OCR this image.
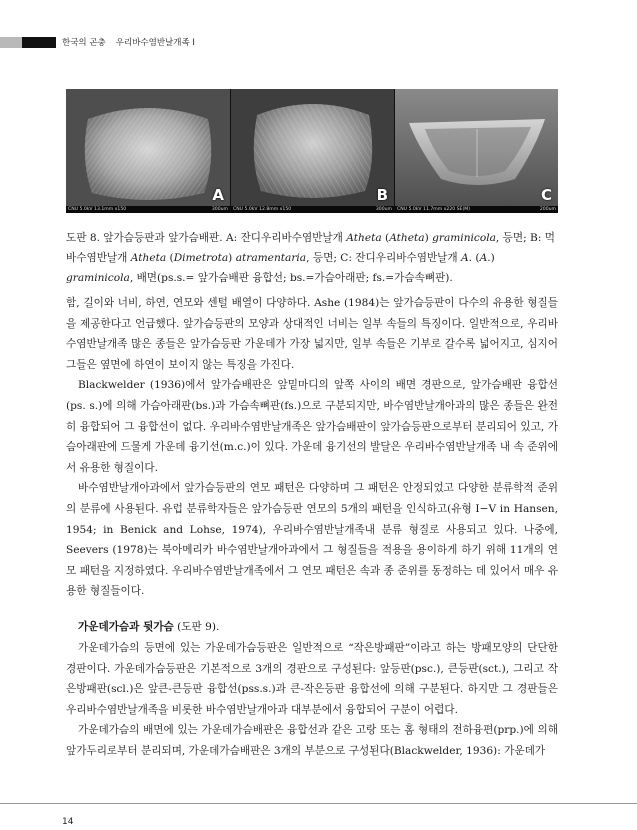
한국의 곤충 우리바수염반날개족 I
A
CNU 5.0kV 13.1mm x150	300um
B
CNU 5.0kV 12.8mm x150	300um
C
CNU 5.0kV 11.7mm x220 SE(M)	200um
도판 8. 앞가슴등판과 앞가슴배판. A: 잔디우리바수염반날개 Atheta (Atheta) graminicola, 등면; B: 먹바수염반날개 Atheta (Dimetrota) atramentaria, 등면; C: 잔디우리바수염반날개 A. (A.) graminicola, 배면(ps.s.= 앞가슴배판 융합선; bs.=가슴아래판; fs.=가슴속뼈판).

함, 길이와 너비, 하연, 연모와 센털 배열이 다양하다. Ashe (1984)는 앞가슴등판이 다수의 유용한 형질들을 제공한다고 언급했다. 앞가슴등판의 모양과 상대적인 너비는 일부 속들의 특징이다. 일반적으로, 우리바수염반날개족 많은 종들은 앞가슴등판 가운데가 가장 넓지만, 일부 속들은 기부로 갈수록 넓어지고, 심지어 그들은 옆면에 하연이 보이지 않는 특징을 가진다.

Blackwelder (1936)에서 앞가슴배판은 앞밑마디의 앞쪽 사이의 배면 경판으로, 앞가슴배판 융합선(ps. s.)에 의해 가슴아래판(bs.)과 가슴속뼈판(fs.)으로 구분되지만, 바수염반날개아과의 많은 종들은 완전히 융합되어 그 융합선이 없다. 우리바수염반날개족은 앞가슴배판이 앞가슴등판으로부터 분리되어 있고, 가슴아래판에 드물게 가운데 융기선(m.c.)이 있다. 가운데 융기선의 발달은 우리바수염반날개족 내 속 준위에서 유용한 형질이다.

바수염반날개아과에서 앞가슴등판의 연모 패턴은 다양하며 그 패턴은 안정되었고 다양한 분류학적 준위의 분류에 사용된다. 유럽 분류학자들은 앞가슴등판 연모의 5개의 패턴을 인식하고(유형 I−V in Hansen, 1954; in Benick and Lohse, 1974), 우리바수염반날개족내 분류 형질로 사용되고 있다. 나중에, Seevers (1978)는 북아메리카 바수염반날개아과에서 그 형질들을 적용을 용이하게 하기 위해 11개의 연모 패턴을 지정하였다. 우리바수염반날개족에서 그 연모 패턴은 속과 종 준위를 동정하는 데 있어서 매우 유용한 형질들이다.

가운데가슴과 뒷가슴 (도판 9).

가운데가슴의 등면에 있는 가운데가슴등판은 일반적으로 “작은방패판”이라고 하는 방패모양의 단단한 경판이다. 가운데가슴등판은 기본적으로 3개의 경판으로 구성된다: 앞등판(psc.), 큰등판(sct.), 그리고 작은방패판(scl.)은 앞큰-큰등판 융합선(pss.s.)과 큰-작은등판 융합선에 의해 구분된다. 하지만 그 경판들은 우리바수염반날개족을 비롯한 바수염반날개아과 대부분에서 융합되어 구분이 어렵다.

가운데가슴의 배면에 있는 가운데가슴배판은 융합선과 같은 고랑 또는 홈 형태의 전하융편(prp.)에 의해 앞가두리로부터 분리되며, 가운데가슴배판은 3개의 부분으로 구성된다(Blackwelder, 1936): 가운데가

14
